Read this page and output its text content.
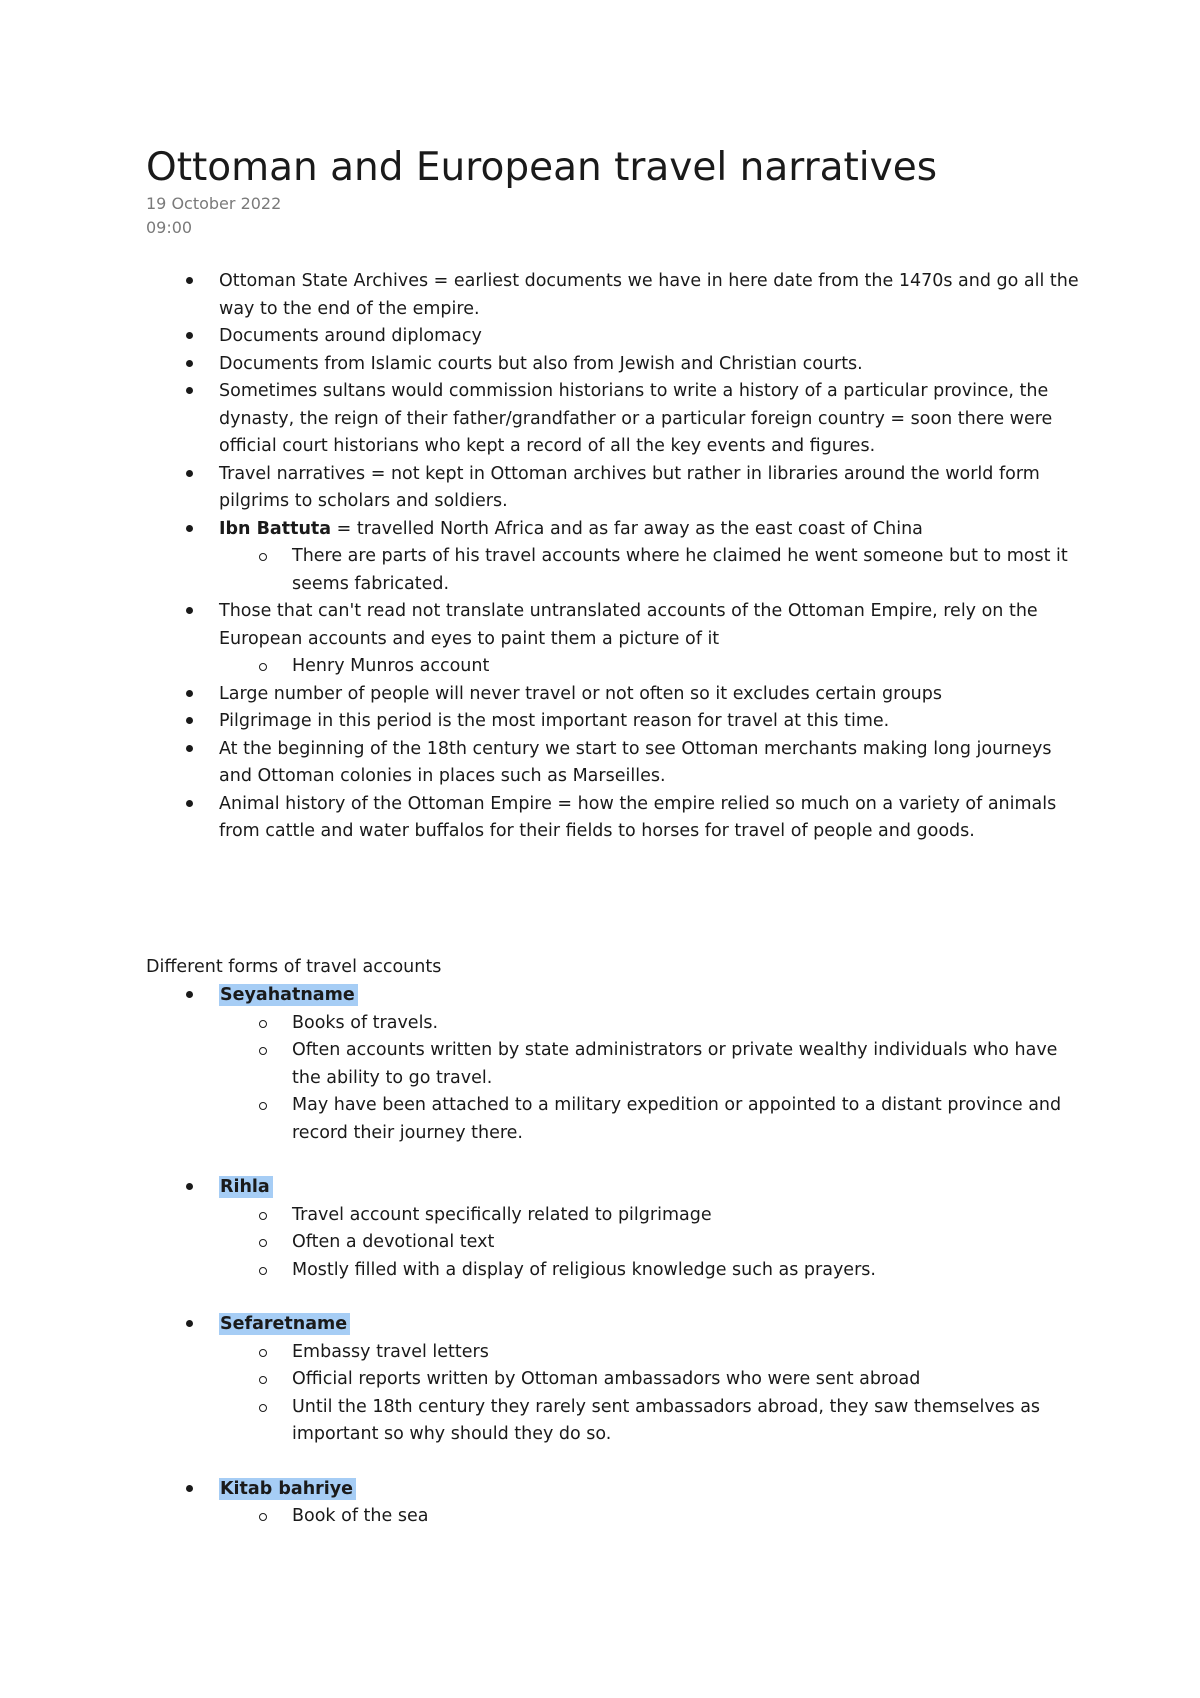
Ottoman and European travel narratives
19 October 2022
09:00
Ottoman State Archives = earliest documents we have in here date from the 1470s and go all the way to the end of the empire.
Documents around diplomacy
Documents from Islamic courts but also from Jewish and Christian courts.
Sometimes sultans would commission historians to write a history of a particular province, the dynasty, the reign of their father/grandfather or a particular foreign country = soon there were official court historians who kept a record of all the key events and figures.
Travel narratives = not kept in Ottoman archives but rather in libraries around the world form pilgrims to scholars and soldiers.
Ibn Battuta = travelled North Africa and as far away as the east coast of China
There are parts of his travel accounts where he claimed he went someone but to most it seems fabricated.
Those that can't read not translate untranslated accounts of the Ottoman Empire, rely on the European accounts and eyes to paint them a picture of it
Henry Munros account
Large number of people will never travel or not often so it excludes certain groups
Pilgrimage in this period is the most important reason for travel at this time.
At the beginning of the 18th century we start to see Ottoman merchants making long journeys and Ottoman colonies in places such as Marseilles.
Animal history of the Ottoman Empire = how the empire relied so much on a variety of animals from cattle and water buffalos for their fields to horses for travel of people and goods.
Different forms of travel accounts
Seyahatname
Books of travels.
Often accounts written by state administrators or private wealthy individuals who have the ability to go travel.
May have been attached to a military expedition or appointed to a distant province and record their journey there.
Rihla
Travel account specifically related to pilgrimage
Often a devotional text
Mostly filled with a display of religious knowledge such as prayers.
Sefaretname
Embassy travel letters
Official reports written by Ottoman ambassadors who were sent abroad
Until the 18th century they rarely sent ambassadors abroad, they saw themselves as important so why should they do so.
Kitab bahriye
Book of the sea
